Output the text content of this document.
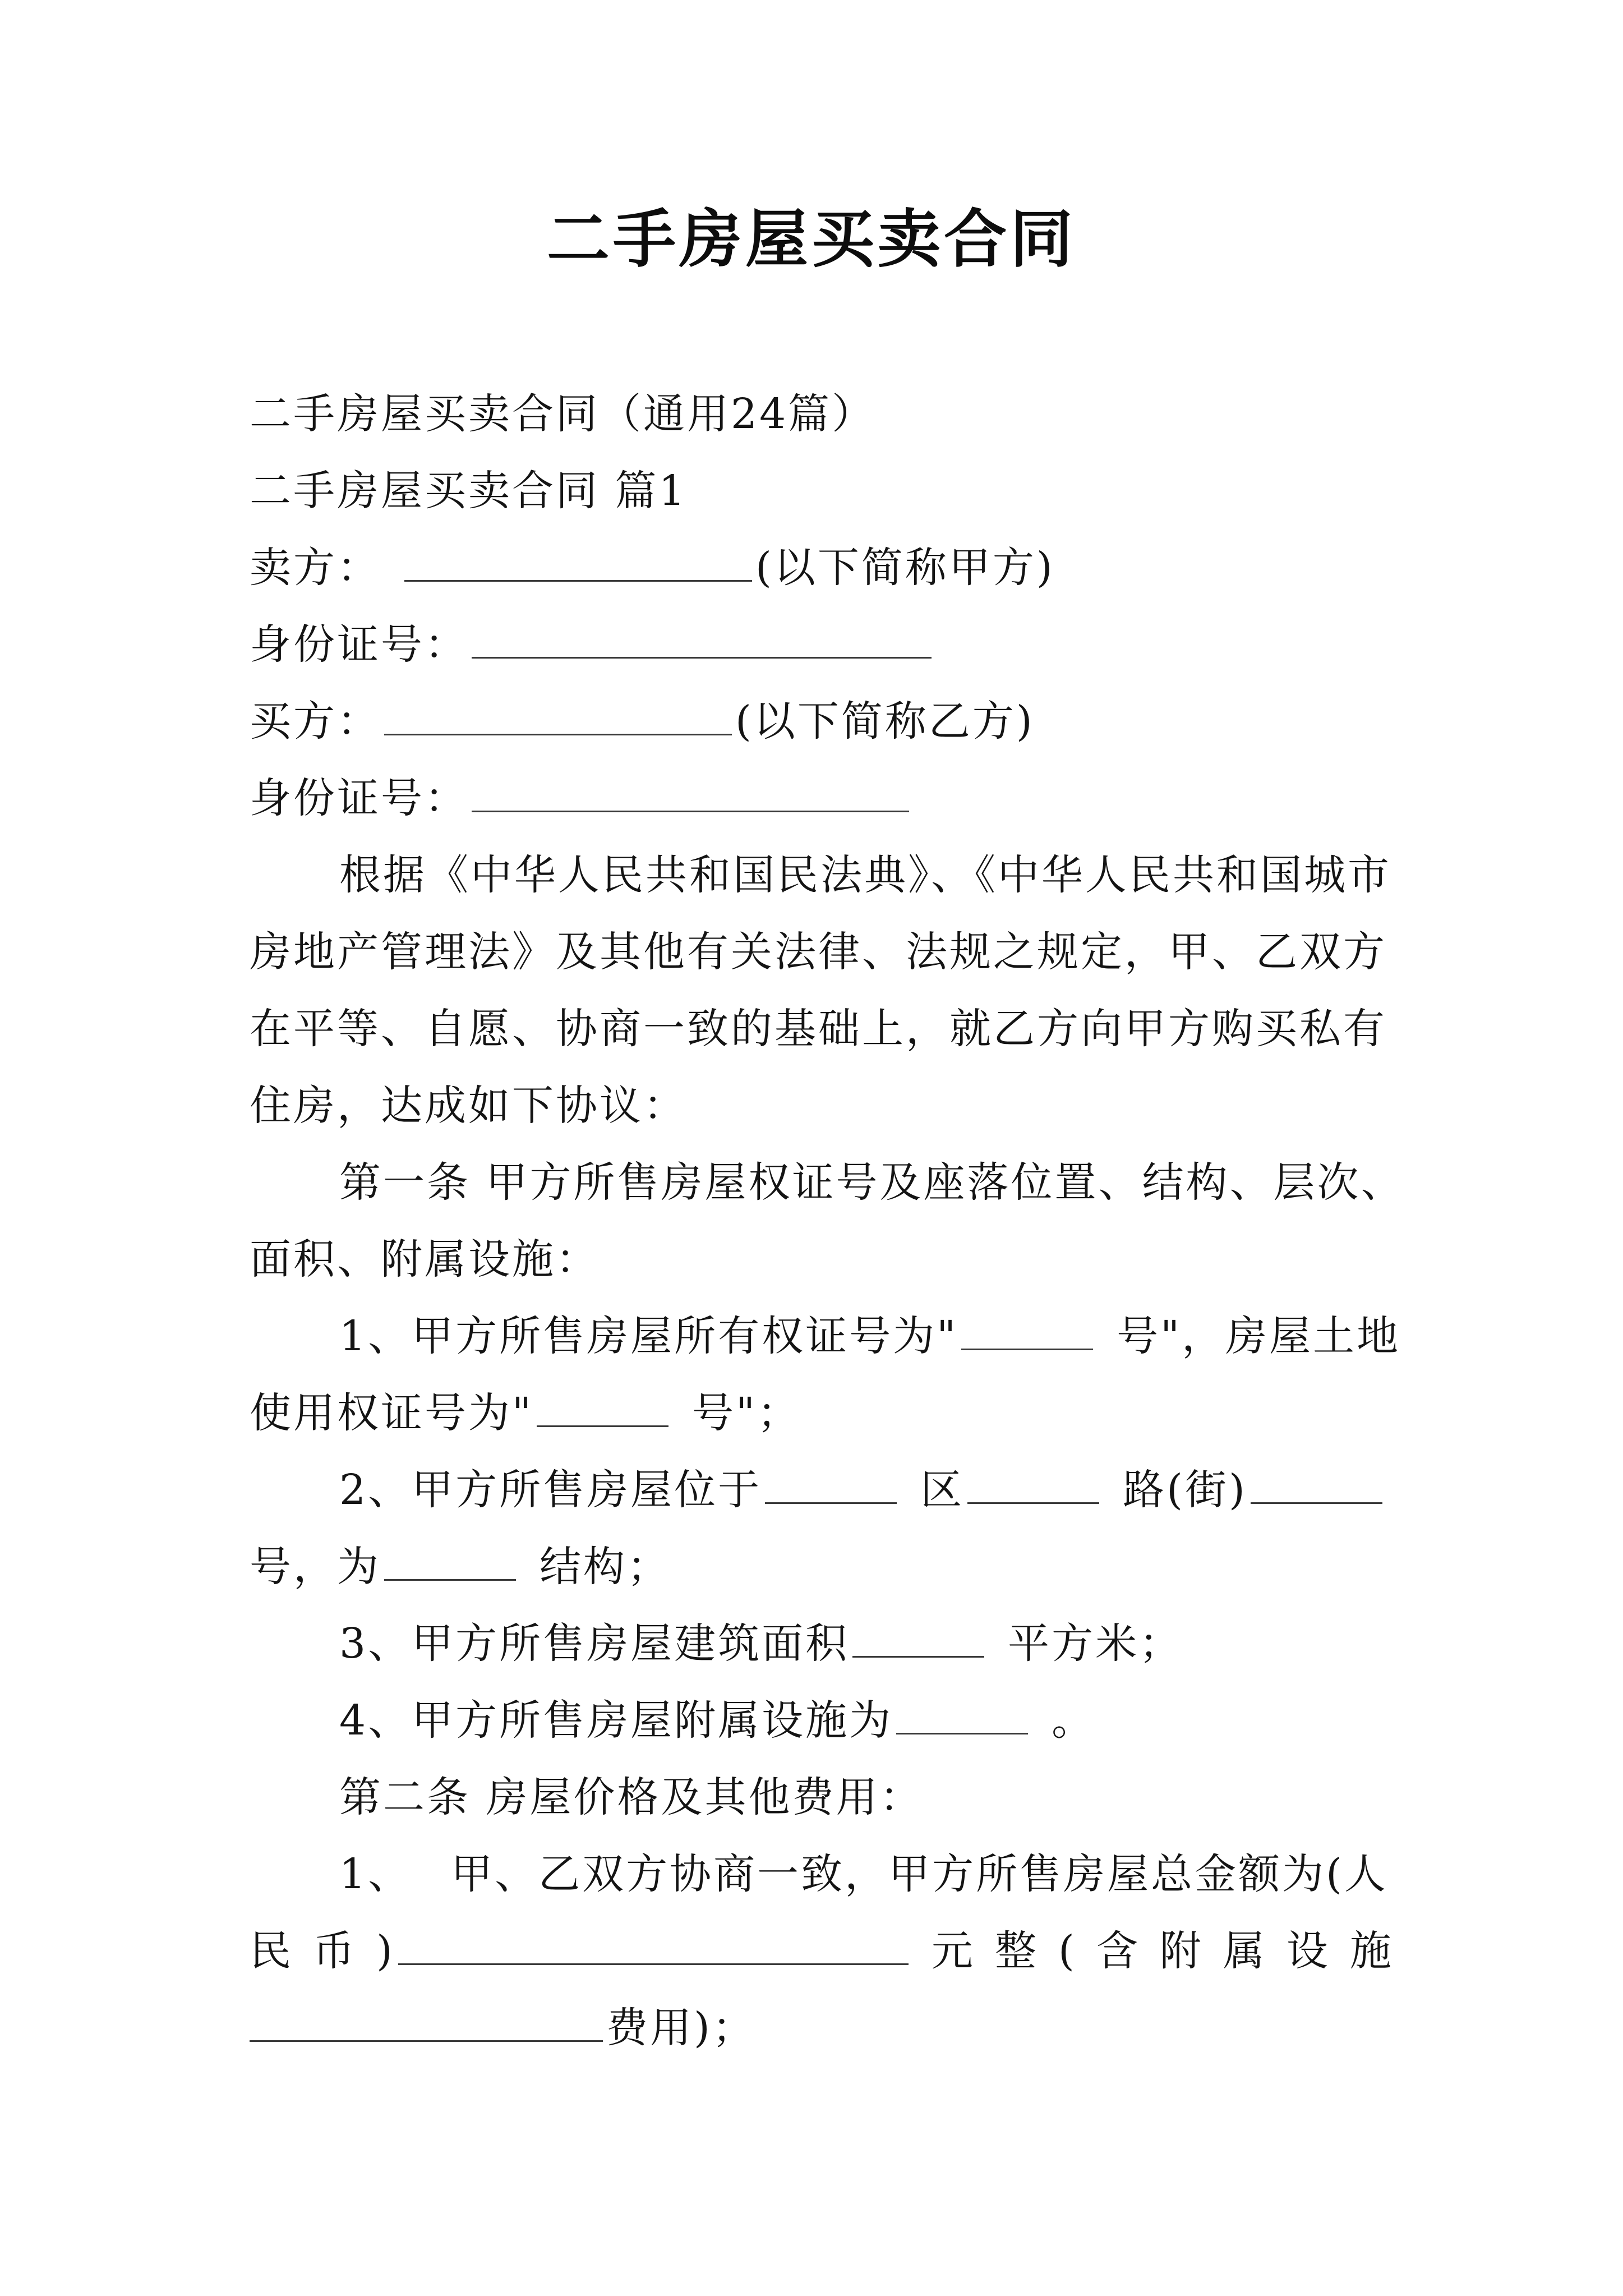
二手房屋买卖合同
二手房屋买卖合同（通用24篇）
二手房屋买卖合同 篇1
卖方：	(以下简称甲方)
身份证号：
买方：	(以下简称乙方)
身份证号：
根据《中华人民共和国民法典》、《中华人民共和国城市
房地产管理法》及其他有关法律、法规之规定，甲、乙双方
在平等、自愿、协商一致的基础上，就乙方向甲方购买私有
住房，达成如下协议：
第一条 甲方所售房屋权证号及座落位置、结构、层次、
面积、附属设施：
1、甲方所售房屋所有权证号为"	号"，房屋土地
使用权证号为"	号"；
2、甲方所售房屋位于	区	路(街)
号，为	结构；
3、甲方所售房屋建筑面积	平方米；
4、甲方所售房屋附属设施为	。
第二条 房屋价格及其他费用：
1、 甲、乙双方协商一致，甲方所售房屋总金额为(人
民 币 )	元 整 ( 含 附 属 设 施
费用)；
